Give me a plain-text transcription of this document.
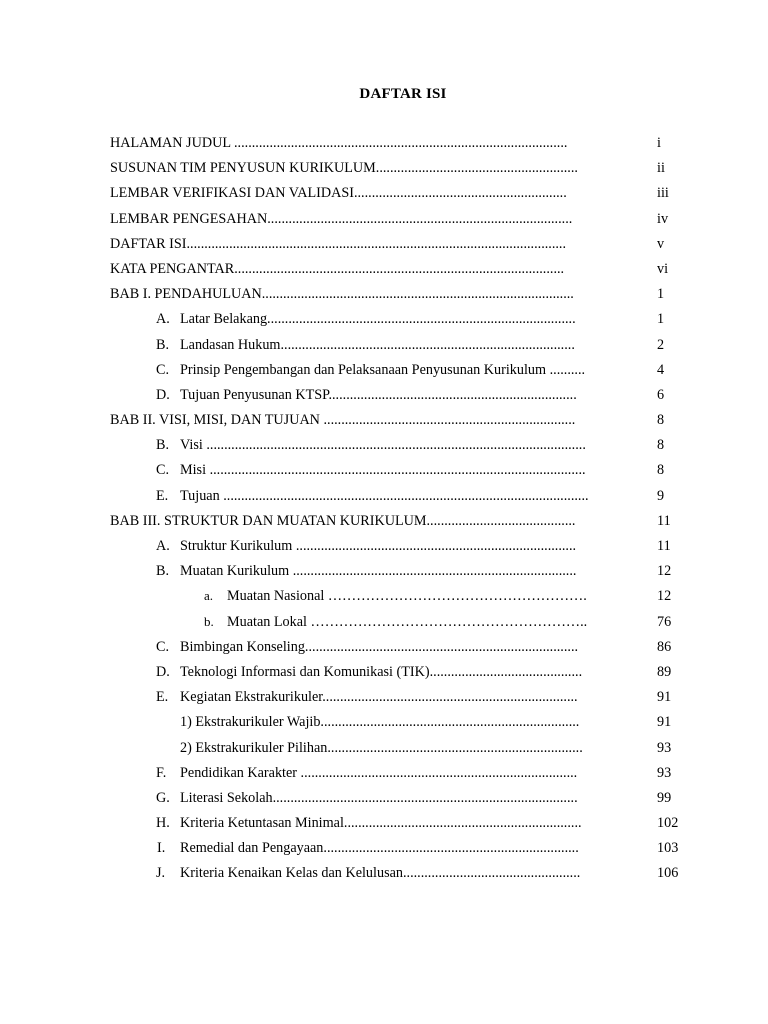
DAFTAR ISI
HALAMAN JUDUL ..............................................................................................	i
SUSUNAN TIM PENYUSUN KURIKULUM.........................................................	ii
LEMBAR VERIFIKASI DAN VALIDASI............................................................	iii
LEMBAR PENGESAHAN......................................................................................	iv
DAFTAR ISI...........................................................................................................	v
KATA PENGANTAR.............................................................................................	vi
BAB I. PENDAHULUAN........................................................................................	1
A. Latar Belakang.......................................................................................	1
B. Landasan Hukum...................................................................................	2
C. Prinsip Pengembangan dan Pelaksanaan Penyusunan Kurikulum ..........	4
D. Tujuan Penyusunan KTSP......................................................................	6
BAB II. VISI, MISI, DAN TUJUAN .......................................................................	8
B. Visi ...........................................................................................................	8
C. Misi ..........................................................................................................	8
E. Tujuan .......................................................................................................	9
BAB III. STRUKTUR DAN MUATAN KURIKULUM..........................................	11
A. Struktur Kurikulum ...............................................................................	11
B. Muatan Kurikulum ................................................................................	12
a. Muatan Nasional ……………………………………………….	12
b. Muatan Lokal …………………………………………………..	76
C. Bimbingan Konseling.............................................................................	86
D. Teknologi Informasi dan Komunikasi (TIK)...........................................	89
E. Kegiatan Ekstrakurikuler........................................................................	91
1) Ekstrakurikuler Wajib.........................................................................	91
2) Ekstrakurikuler Pilihan........................................................................	93
F. Pendidikan Karakter ..............................................................................	93
G. Literasi Sekolah......................................................................................	99
H. Kriteria Ketuntasan Minimal...................................................................	102
I. Remedial dan Pengayaan........................................................................	103
J. Kriteria Kenaikan Kelas dan Kelulusan..................................................	106
